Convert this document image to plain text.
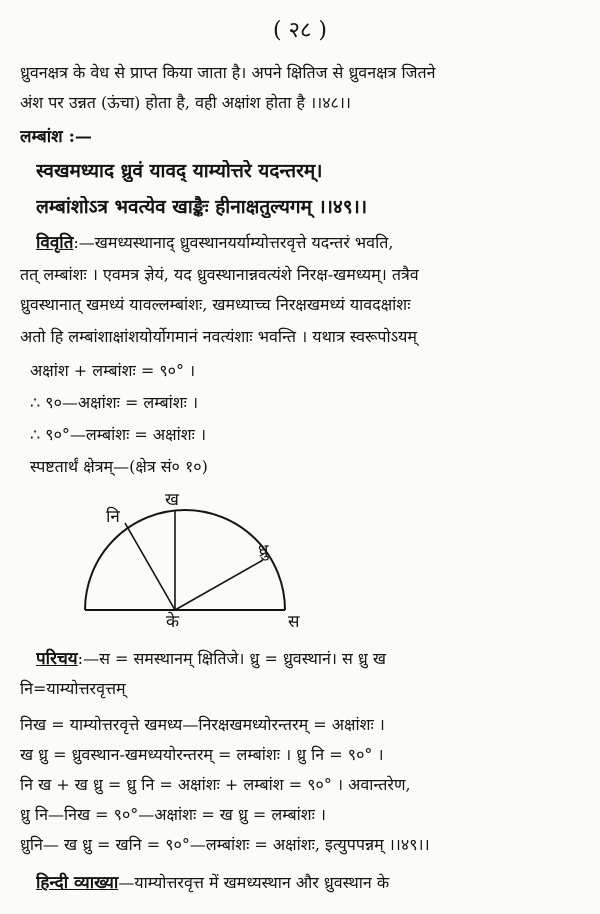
( २८ )
ध्रुवनक्षत्र के वेध से प्राप्त किया जाता है। अपने क्षितिज से ध्रुवनक्षत्र जितने
अंश पर उन्नत (ऊंचा) होता है, वही अक्षांश होता है ।।४८।।
लम्बांश :—
स्वखमध्याद ध्रुवं यावद् याम्योत्तरे यदन्तरम्।
लम्बांशोऽत्र भवत्येव खाङ्कैः हीनाक्षतुल्यगम् ।।४९।।
विवृति:—खमध्यस्थानाद् ध्रुवस्थानयर्याम्योत्तरवृत्ते यदन्तरं भवति,
तत् लम्बांशः । एवमत्र ज्ञेयं, यद ध्रुवस्थानान्नवत्यंशे निरक्ष-खमध्यम्। तत्रैव
ध्रुवस्थानात् खमध्यं यावल्लम्बांशः, खमध्याच्च निरक्षखमध्यं यावदक्षांशः
अतो हि लम्बांशाक्षांशयोर्योगमानं नवत्यंशाः भवन्ति । यथात्र स्वरूपोऽयम्
अक्षांश + लम्बांशः = ९०° ।
∴ ९०—अक्षांशः = लम्बांशः ।
∴ ९०°—लम्बांशः = अक्षांशः ।
स्पष्टतार्थं क्षेत्रम्—(क्षेत्र सं० १०)
ख
नि
ध्रु
के	स
परिचय:—स = समस्थानम् क्षितिजे। ध्रु = ध्रुवस्थानं। स ध्रु ख
नि=याम्योत्तरवृत्तम्
निख = याम्योत्तरवृत्ते खमध्य—निरक्षखमध्योरन्तरम् = अक्षांशः ।
ख ध्रु = ध्रुवस्थान-खमध्ययोरन्तरम् = लम्बांशः । ध्रु नि = ९०° ।
नि ख + ख ध्रु = ध्रु नि = अक्षांशः + लम्बांश = ९०° । अवान्तरेण,
ध्रु नि—निख = ९०°—अक्षांशः = ख ध्रु = लम्बांशः ।
ध्रुनि— ख ध्रु = खनि = ९०°—लम्बांशः = अक्षांशः, इत्युपपन्नम् ।।४९।।
हिन्दी व्याख्या—याम्योत्तरवृत्त में खमध्यस्थान और ध्रुवस्थान के
